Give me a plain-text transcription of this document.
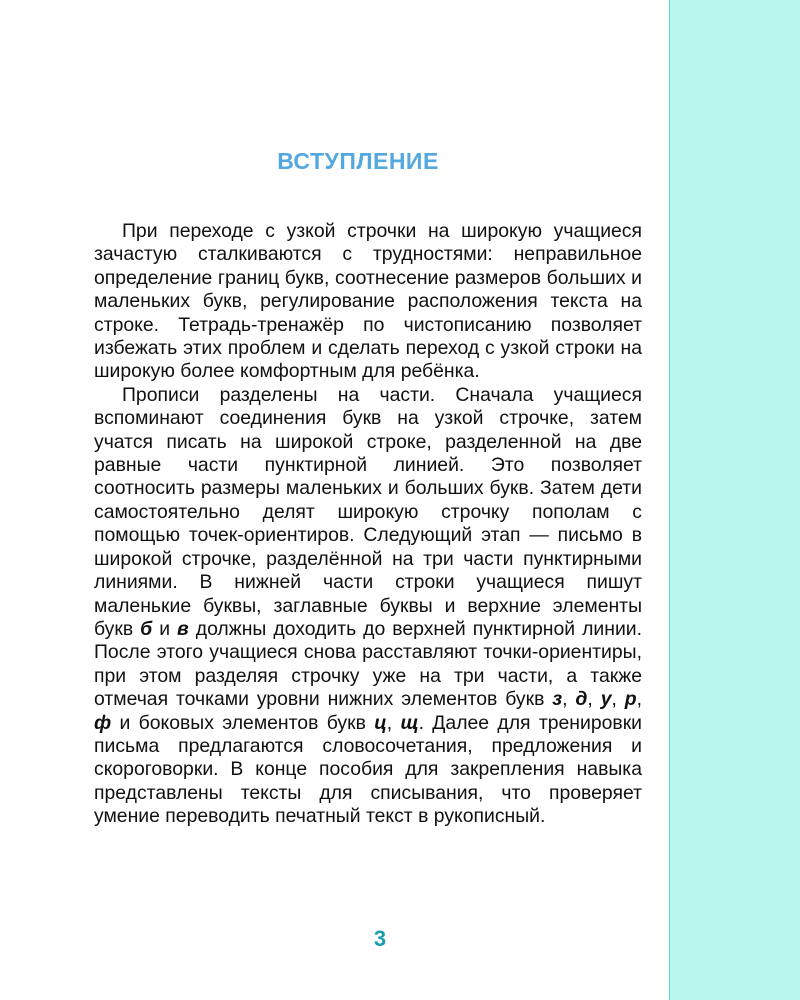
ВСТУПЛЕНИЕ

При переходе с узкой строчки на широкую учащиеся зачастую сталкиваются с трудностями: неправильное определение границ букв, соотнесение размеров больших и маленьких букв, регулирование расположения текста на строке. Тетрадь-тренажёр по чистописанию позволяет избежать этих проблем и сделать переход с узкой строки на широкую более комфортным для ребёнка.

Прописи разделены на части. Сначала учащиеся вспоминают соединения букв на узкой строчке, затем учатся писать на широкой строке, разделенной на две равные части пунктирной линией. Это позволяет соотносить размеры маленьких и больших букв. Затем дети самостоятельно делят широкую строчку пополам с помощью точек-ориентиров. Следующий этап — письмо в широкой строчке, разделённой на три части пунктирными линиями. В нижней части строки учащиеся пишут маленькие буквы, заглавные буквы и верхние элементы букв б и в должны доходить до верхней пунктирной линии. После этого учащиеся снова расставляют точки-ориентиры, при этом разделяя строчку уже на три части, а также отмечая точками уровни нижних элементов букв з, д, у, р, ф и боковых элементов букв ц, щ. Далее для тренировки письма предлагаются словосочетания, предложения и скороговорки. В конце пособия для закрепления навыка представлены тексты для списывания, что проверяет умение переводить печатный текст в рукописный.

3
